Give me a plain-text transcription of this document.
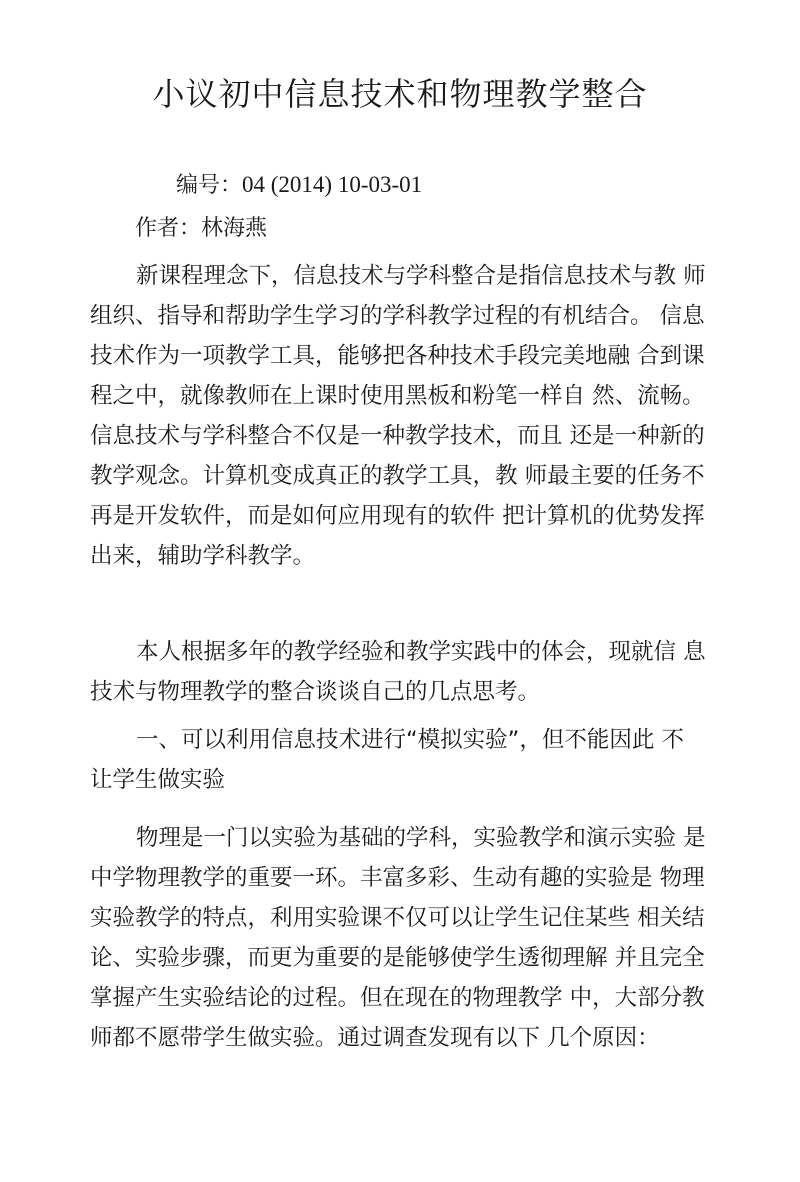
小议初中信息技术和物理教学整合
编号：04 (2014) 10-03-01
作者：林海燕
新课程理念下，信息技术与学科整合是指信息技术与教 师
组织、指导和帮助学生学习的学科教学过程的有机结合。 信息
技术作为一项教学工具，能够把各种技术手段完美地融 合到课
程之中，就像教师在上课时使用黑板和粉笔一样自 然、流畅。
信息技术与学科整合不仅是一种教学技术，而且 还是一种新的
教学观念。计算机变成真正的教学工具，教 师最主要的任务不
再是开发软件，而是如何应用现有的软件 把计算机的优势发挥
出来，辅助学科教学。
本人根据多年的教学经验和教学实践中的体会，现就信 息
技术与物理教学的整合谈谈自己的几点思考。
一、可以利用信息技术进行“模拟实验”，但不能因此 不
让学生做实验
物理是一门以实验为基础的学科，实验教学和演示实验 是
中学物理教学的重要一环。丰富多彩、生动有趣的实验是 物理
实验教学的特点，利用实验课不仅可以让学生记住某些 相关结
论、实验步骤，而更为重要的是能够使学生透彻理解 并且完全
掌握产生实验结论的过程。但在现在的物理教学 中，大部分教
师都不愿带学生做实验。通过调查发现有以下 几个原因：
